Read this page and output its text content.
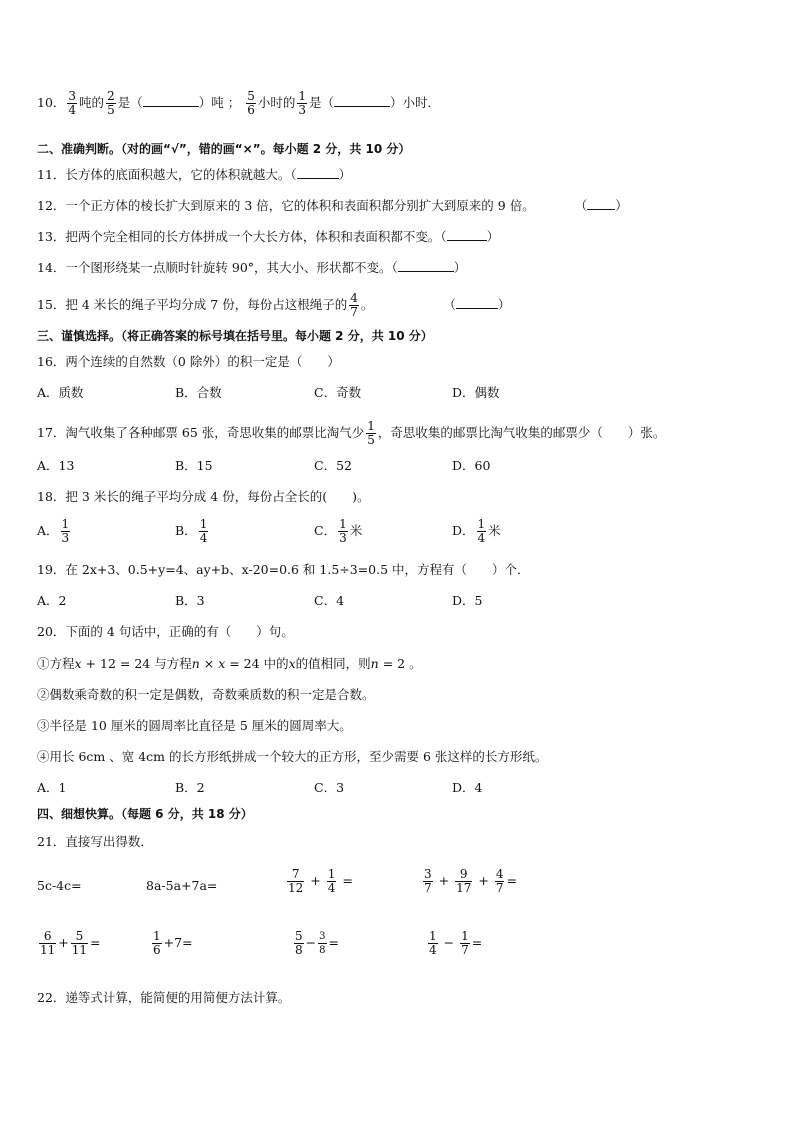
10． $\frac{3}{4}$ 吨的 $\frac{2}{5}$ 是（	）吨 ； $\frac{5}{6}$ 小时的 $\frac{1}{3}$ 是（	）小时．
二、准确判断。（对的画“√”，错的画“×”。每小题 2 分，共 10 分）
11．长方体的底面积越大，它的体积就越大。（	）
12．一个正方体的棱长扩大到原来的 3 倍，它的体积和表面积都分别扩大到原来的 9 倍。	（ ）
13．把两个完全相同的长方体拼成一个大长方体，体积和表面积都不变。（	）
14．一个图形绕某一点顺时针旋转 90°，其大小、形状都不变。（	）
15．把 4 米长的绳子平均分成 7 份，每份占这根绳子的 $\frac{4}{7}$ 。	（	）
三、谨慎选择。（将正确答案的标号填在括号里。每小题 2 分，共 10 分）
16．两个连续的自然数（0 除外）的积一定是（　　）
A．质数	B．合数	C．奇数	D．偶数
17．淘气收集了各种邮票 65 张，奇思收集的邮票比淘气少 $\frac{1}{5}$ ，奇思收集的邮票比淘气收集的邮票少（　　）张。
A．13	B．15	C．52	D．60
18．把 3 米长的绳子平均分成 4 份，每份占全长的(　　)。
A． $\frac{1}{3}$	B． $\frac{1}{4}$	C． $\frac{1}{3}$ 米	D． $\frac{1}{4}$ 米
19．在 2x+3、0.5+y=4、ay+b、x-20=0.6 和 1.5÷3=0.5 中，方程有（　　）个．
A．2	B．3	C．4	D．5
20．下面的 4 句话中，正确的有（　　）句。
①方程x + 12 = 24 与方程n × x = 24 中的x的值相同，则n = 2 。
②偶数乘奇数的积一定是偶数，奇数乘质数的积一定是合数。
③半径是 10 厘米的圆周率比直径是 5 厘米的圆周率大。
④用长 6cm 、宽 4cm 的长方形纸拼成一个较大的正方形，至少需要 6 张这样的长方形纸。
A．1	B．2	C．3	D．4
四、细想快算。（每题 6 分，共 18 分）
21．直接写出得数．
5c-4c=	8a-5a+7a=	$\frac{7}{12} + \frac{1}{4}$ =	$\frac{3}{7} + \frac{9}{17} + \frac{4}{7}$ =
$\frac{6}{11} + \frac{5}{11}$ =	$\frac{1}{6} +7=$	$\frac{5}{8} - \frac{3}{8}$ =	$\frac{1}{4} - \frac{1}{7}$ =
22．递等式计算，能简便的用简便方法计算。
